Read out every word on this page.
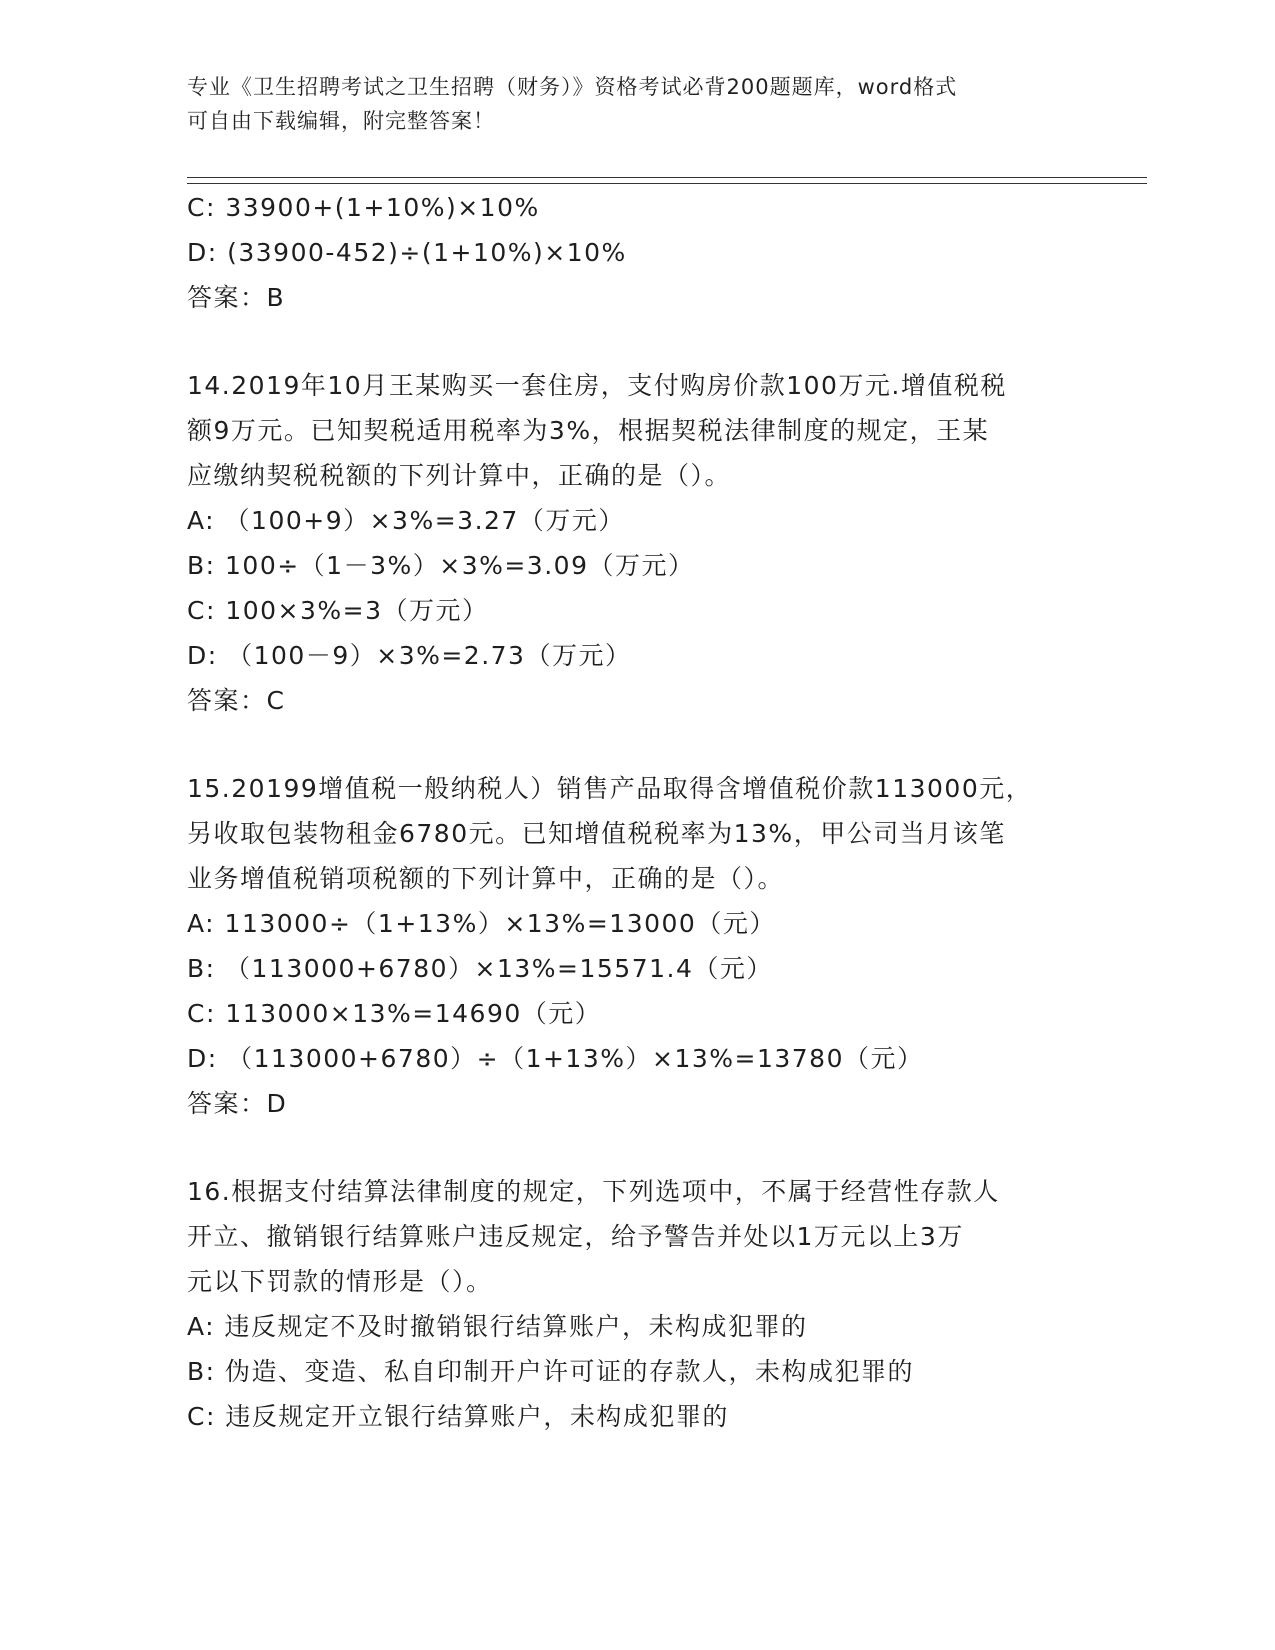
专业《卫生招聘考试之卫生招聘（财务）》资格考试必背200题题库，word格式
可自由下载编辑，附完整答案！
C: 33900+(1+10%)×10%
D: (33900-452)÷(1+10%)×10%
答案：B
14.2019年10月王某购买一套住房，支付购房价款100万元.增值税税
额9万元。已知契税适用税率为3%，根据契税法律制度的规定，王某
应缴纳契税税额的下列计算中，正确的是（）。
A: （100+9）×3%=3.27（万元）
B: 100÷（1－3%）×3%=3.09（万元）
C: 100×3%=3（万元）
D: （100－9）×3%=2.73（万元）
答案：C
15.20199增值税一般纳税人）销售产品取得含增值税价款113000元，
另收取包装物租金6780元。已知增值税税率为13%，甲公司当月该笔
业务增值税销项税额的下列计算中，正确的是（）。
A: 113000÷（1+13%）×13%=13000（元）
B: （113000+6780）×13%=15571.4（元）
C: 113000×13%=14690（元）
D: （113000+6780）÷（1+13%）×13%=13780（元）
答案：D
16.根据支付结算法律制度的规定，下列选项中，不属于经营性存款人
开立、撤销银行结算账户违反规定，给予警告并处以1万元以上3万
元以下罚款的情形是（）。
A: 违反规定不及时撤销银行结算账户，未构成犯罪的
B: 伪造、变造、私自印制开户许可证的存款人，未构成犯罪的
C: 违反规定开立银行结算账户，未构成犯罪的
